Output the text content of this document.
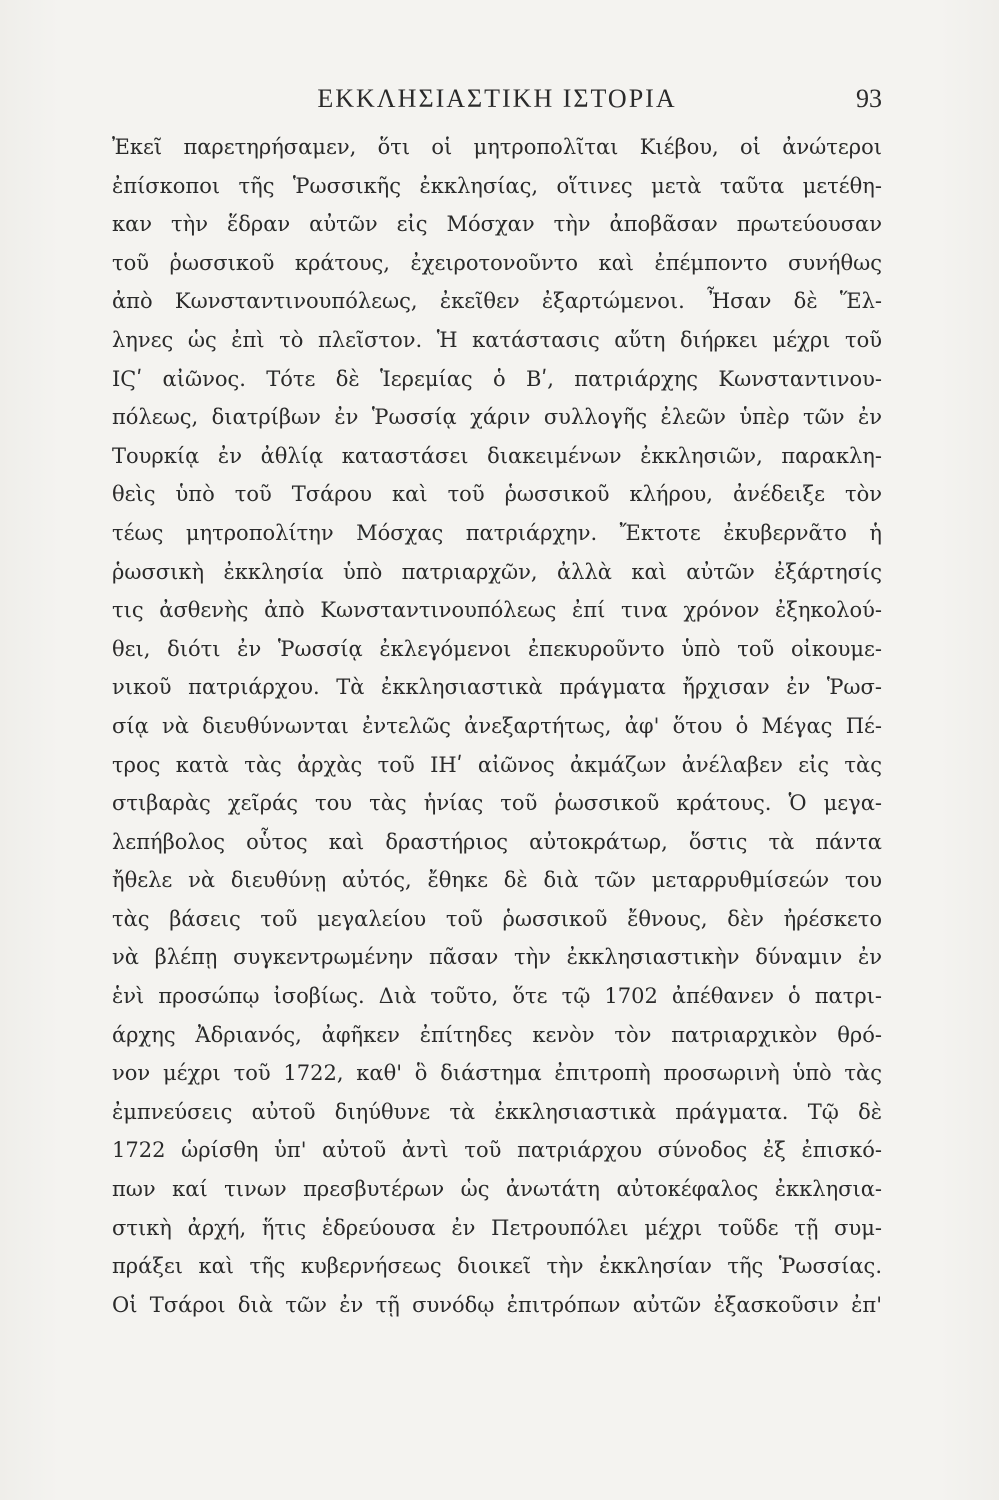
ΕΚΚΛΗΣΙΑΣΤΙΚΗ ΙΣΤΟΡΙΑ	93
Ἐκεῖ παρετηρήσαμεν, ὅτι οἱ μητροπολῖται Κιέβου, οἱ ἀνώτεροι
ἐπίσκοποι τῆς Ῥωσσικῆς ἐκκλησίας, οἵτινες μετὰ ταῦτα μετέθη-
καν τὴν ἕδραν αὐτῶν εἰς Μόσχαν τὴν ἀποβᾶσαν πρωτεύουσαν
τοῦ ῥωσσικοῦ κράτους, ἐχειροτονοῦντο καὶ ἐπέμποντο συνήθως
ἀπὸ Κωνσταντινουπόλεως, ἐκεῖθεν ἐξαρτώμενοι. Ἦσαν δὲ Ἕλ-
ληνες ὡς ἐπὶ τὸ πλεῖστον. Ἡ κατάστασις αὕτη διήρκει μέχρι τοῦ
ΙϚʹ αἰῶνος. Τότε δὲ Ἱερεμίας ὁ Βʹ, πατριάρχης Κωνσταντινου-
πόλεως, διατρίβων ἐν Ῥωσσίᾳ χάριν συλλογῆς ἐλεῶν ὑπὲρ τῶν ἐν
Τουρκίᾳ ἐν ἀθλίᾳ καταστάσει διακειμένων ἐκκλησιῶν, παρακλη-
θεὶς ὑπὸ τοῦ Τσάρου καὶ τοῦ ῥωσσικοῦ κλήρου, ἀνέδειξε τὸν
τέως μητροπολίτην Μόσχας πατριάρχην. Ἔκτοτε ἐκυβερνᾶτο ἡ
ῥωσσικὴ ἐκκλησία ὑπὸ πατριαρχῶν, ἀλλὰ καὶ αὐτῶν ἐξάρτησίς
τις ἀσθενὴς ἀπὸ Κωνσταντινουπόλεως ἐπί τινα χρόνον ἐξηκολού-
θει, διότι ἐν Ῥωσσίᾳ ἐκλεγόμενοι ἐπεκυροῦντο ὑπὸ τοῦ οἰκουμε-
νικοῦ πατριάρχου. Τὰ ἐκκλησιαστικὰ πράγματα ἤρχισαν ἐν Ῥωσ-
σίᾳ νὰ διευθύνωνται ἐντελῶς ἀνεξαρτήτως, ἀφ' ὅτου ὁ Μέγας Πέ-
τρος κατὰ τὰς ἀρχὰς τοῦ ΙΗʹ αἰῶνος ἀκμάζων ἀνέλαβεν εἰς τὰς
στιβαρὰς χεῖράς του τὰς ἡνίας τοῦ ῥωσσικοῦ κράτους. Ὁ μεγα-
λεπήβολος οὗτος καὶ δραστήριος αὐτοκράτωρ, ὅστις τὰ πάντα
ἤθελε νὰ διευθύνῃ αὐτός, ἔθηκε δὲ διὰ τῶν μεταρρυθμίσεών του
τὰς βάσεις τοῦ μεγαλείου τοῦ ῥωσσικοῦ ἔθνους, δὲν ἠρέσκετο
νὰ βλέπῃ συγκεντρωμένην πᾶσαν τὴν ἐκκλησιαστικὴν δύναμιν ἐν
ἑνὶ προσώπῳ ἰσοβίως. Διὰ τοῦτο, ὅτε τῷ 1702 ἀπέθανεν ὁ πατρι-
άρχης Ἀδριανός, ἀφῆκεν ἐπίτηδες κενὸν τὸν πατριαρχικὸν θρό-
νον μέχρι τοῦ 1722, καθ' ὃ διάστημα ἐπιτροπὴ προσωρινὴ ὑπὸ τὰς
ἐμπνεύσεις αὐτοῦ διηύθυνε τὰ ἐκκλησιαστικὰ πράγματα. Τῷ δὲ
1722 ὡρίσθη ὑπ' αὐτοῦ ἀντὶ τοῦ πατριάρχου σύνοδος ἐξ ἐπισκό-
πων καί τινων πρεσβυτέρων ὡς ἀνωτάτη αὐτοκέφαλος ἐκκλησια-
στικὴ ἀρχή, ἥτις ἑδρεύουσα ἐν Πετρουπόλει μέχρι τοῦδε τῇ συμ-
πράξει καὶ τῆς κυβερνήσεως διοικεῖ τὴν ἐκκλησίαν τῆς Ῥωσσίας.
Οἱ Τσάροι διὰ τῶν ἐν τῇ συνόδῳ ἐπιτρόπων αὐτῶν ἐξασκοῦσιν ἐπ'
